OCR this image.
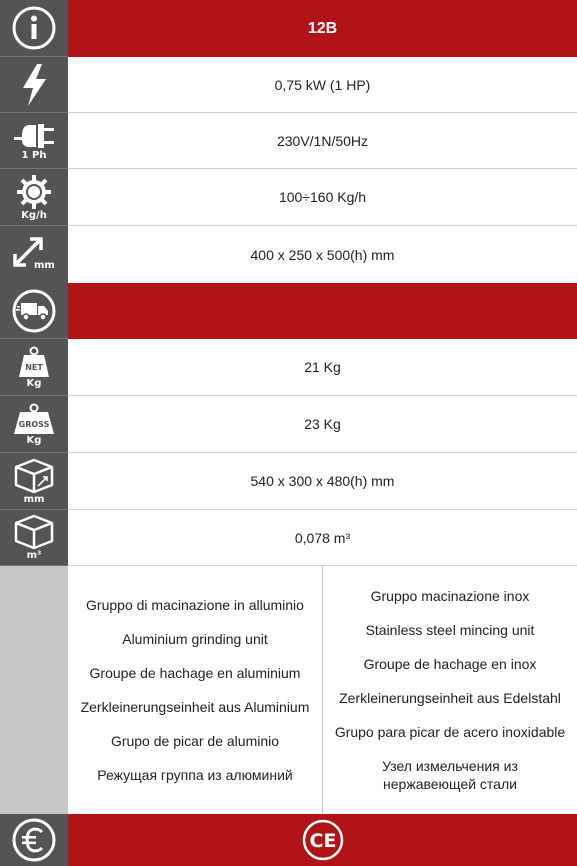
12B
0,75 kW (1 HP)
1 Ph
230V/1N/50Hz
Kg/h
100÷160 Kg/h
mm
400 x 250 x 500(h) mm
NET
Kg
21 Kg
GROSS
Kg
23 Kg
mm
540 x 300 x 480(h) mm
m³
0,078 m³
Gruppo di macinazione in alluminio
Aluminium grinding unit
Groupe de hachage en aluminium
Zerkleinerungseinheit aus Aluminium
Grupo de picar de aluminio
Режущая группа из алюминий
Gruppo macinazione inox
Stainless steel mincing unit
Groupe de hachage en inox
Zerkleinerungseinheit aus Edelstahl
Grupo para picar de acero inoxidable
Узел измельчения из нержавеющей стали
CE
